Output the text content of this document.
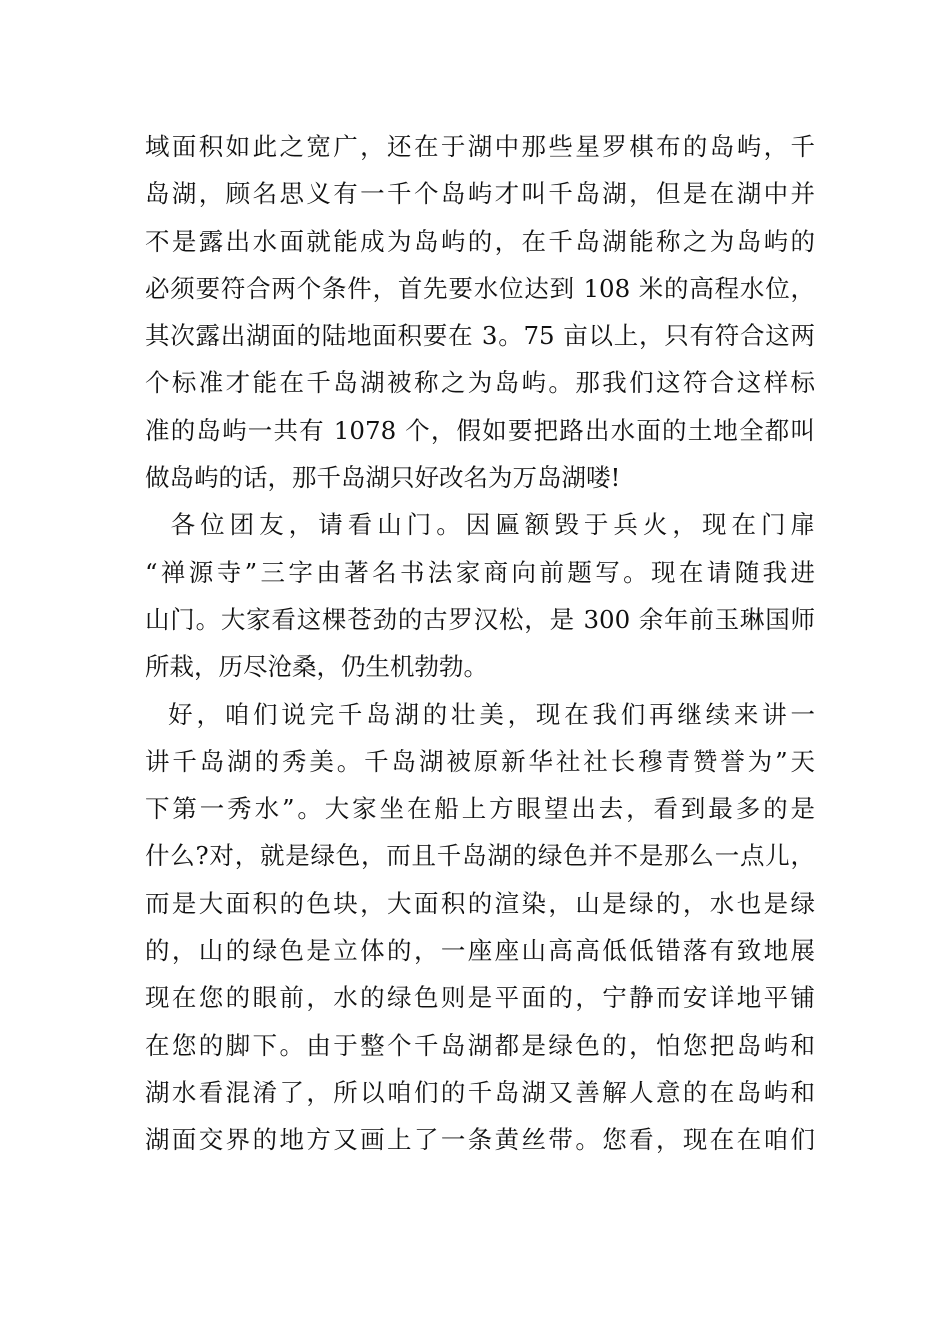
域面积如此之宽广，还在于湖中那些星罗棋布的岛屿，千
岛湖，顾名思义有一千个岛屿才叫千岛湖，但是在湖中并
不是露出水面就能成为岛屿的，在千岛湖能称之为岛屿的
必须要符合两个条件，首先要水位达到 108 米的高程水位，
其次露出湖面的陆地面积要在 3。75 亩以上，只有符合这两
个标准才能在千岛湖被称之为岛屿。那我们这符合这样标
准的岛屿一共有 1078 个，假如要把路出水面的土地全都叫
做岛屿的话，那千岛湖只好改名为万岛湖喽!
各位团友，请看山门。因匾额毁于兵火，现在门扉
“禅源寺”三字由著名书法家商向前题写。现在请随我进
山门。大家看这棵苍劲的古罗汉松，是 300 余年前玉琳国师
所栽，历尽沧桑，仍生机勃勃。
好，咱们说完千岛湖的壮美，现在我们再继续来讲一
讲千岛湖的秀美。千岛湖被原新华社社长穆青赞誉为”天
下第一秀水”。大家坐在船上方眼望出去，看到最多的是
什么?对，就是绿色，而且千岛湖的绿色并不是那么一点儿，
而是大面积的色块，大面积的渲染，山是绿的，水也是绿
的，山的绿色是立体的，一座座山高高低低错落有致地展
现在您的眼前，水的绿色则是平面的，宁静而安详地平铺
在您的脚下。由于整个千岛湖都是绿色的，怕您把岛屿和
湖水看混淆了，所以咱们的千岛湖又善解人意的在岛屿和
湖面交界的地方又画上了一条黄丝带。您看，现在在咱们
